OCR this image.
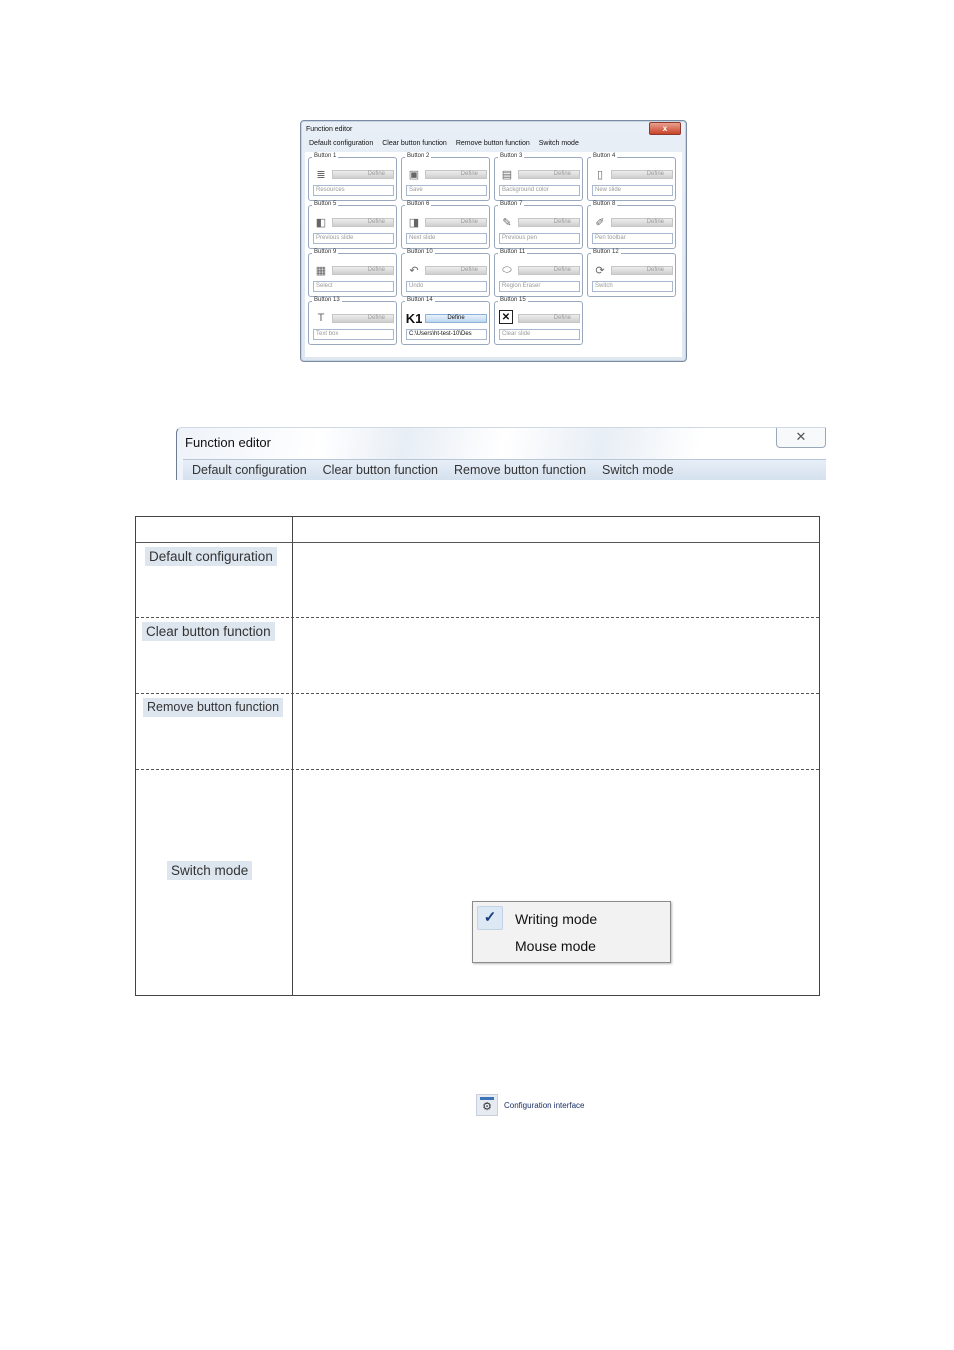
Function editor	x
Default configuration Clear button function Remove button function Switch mode
Button 1
≣	Define
Resources
Button 2
▣	Define
Save
Button 3
▤	Define
Background color
Button 4
▯	Define
New slide
Button 5
◧	Define
Previous slide
Button 6
◨	Define
Next slide
Button 7
✎	Define
Previous pen
Button 8
✐	Define
Pen toolbar
Button 9
▦	Define
Select
Button 10
↶	Define
Undo
Button 11
⬭	Define
Region Eraser
Button 12
⟳	Define
Switch
Button 13
T	Define
Text box
Button 14
K1	Define
C:\Users\ht-test-10\Des
Button 15
✕	Define
Clear slide
Function editor	✕
Default configuration Clear button function Remove button function Switch mode
Default configuration
Clear button function
Remove button function
Switch mode
✓	Writing mode
Mouse mode
⚙	Configuration interface
